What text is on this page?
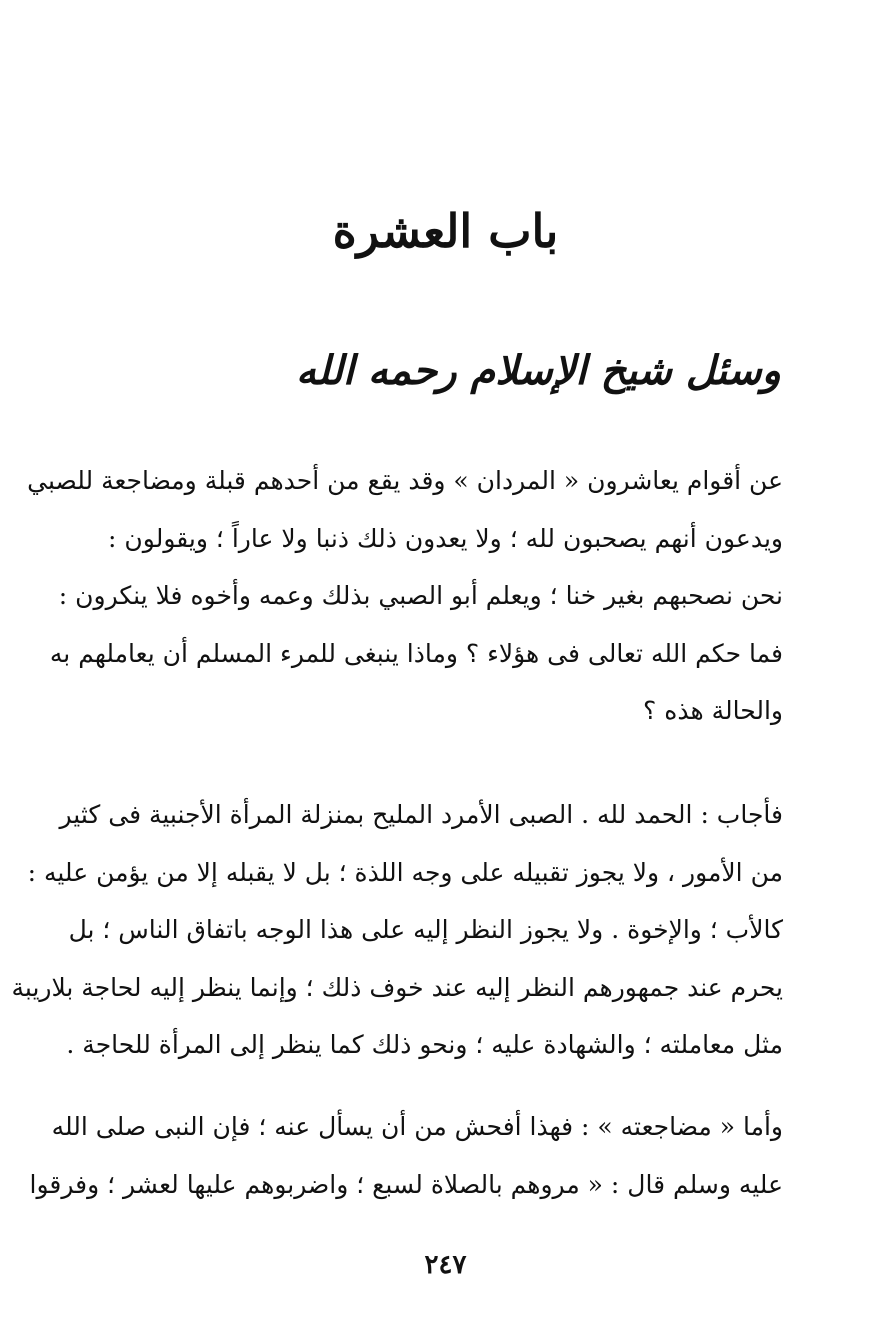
باب العشرة
وسئل شيخ الإسلام رحمه الله

عن أقوام يعاشرون « المردان » وقد يقع من أحدهم قبلة ومضاجعة للصبي
ويدعون أنهم يصحبون لله ؛ ولا يعدون ذلك ذنبا ولا عاراً ؛ ويقولون :
نحن نصحبهم بغير خنا ؛ ويعلم أبو الصبي بذلك وعمه وأخوه فلا ينكرون :
فما حكم الله تعالى فى هؤلاء ؟ وماذا ينبغى للمرء المسلم أن يعاملهم به
والحالة هذه ؟

فأجاب : الحمد لله . الصبى الأمرد المليح بمنزلة المرأة الأجنبية فى كثير
من الأمور ، ولا يجوز تقبيله على وجه اللذة ؛ بل لا يقبله إلا من يؤمن عليه :
كالأب ؛ والإخوة . ولا يجوز النظر إليه على هذا الوجه باتفاق الناس ؛ بل
يحرم عند جمهورهم النظر إليه عند خوف ذلك ؛ وإنما ينظر إليه لحاجة بلاريبة
مثل معاملته ؛ والشهادة عليه ؛ ونحو ذلك كما ينظر إلى المرأة للحاجة .

وأما « مضاجعته » : فهذا أفحش من أن يسأل عنه ؛ فإن النبى صلى الله
عليه وسلم قال : « مروهم بالصلاة لسبع ؛ واضربوهم عليها لعشر ؛ وفرقوا

٢٤٧
